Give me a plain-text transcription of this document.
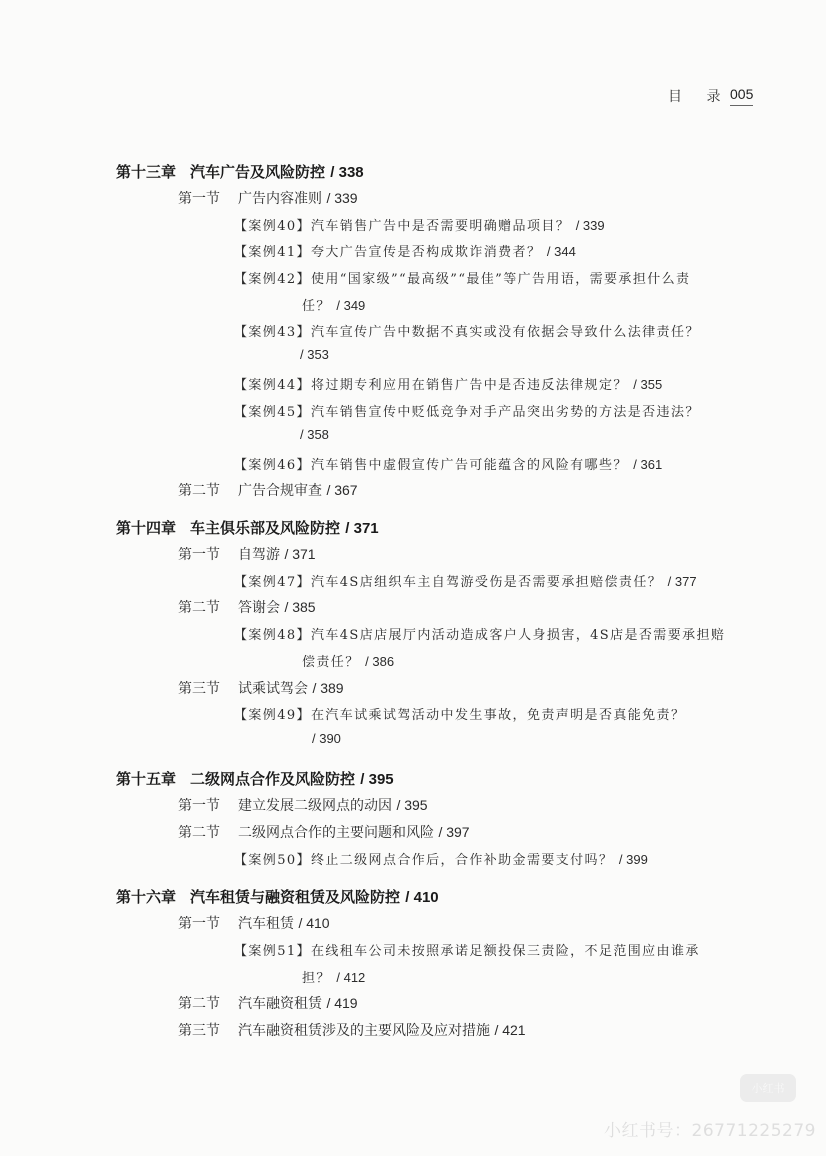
目 录 005
第十三章 汽车广告及风险防控 / 338
第一节 广告内容准则 / 339
【案例40】汽车销售广告中是否需要明确赠品项目？ / 339
【案例41】夸大广告宣传是否构成欺诈消费者？ / 344
【案例42】使用“国家级”“最高级”“最佳”等广告用语，需要承担什么责
任？ / 349
【案例43】汽车宣传广告中数据不真实或没有依据会导致什么法律责任？
/ 353
【案例44】将过期专利应用在销售广告中是否违反法律规定？ / 355
【案例45】汽车销售宣传中贬低竞争对手产品突出劣势的方法是否违法？
/ 358
【案例46】汽车销售中虚假宣传广告可能蕴含的风险有哪些？ / 361
第二节 广告合规审查 / 367
第十四章 车主俱乐部及风险防控 / 371
第一节 自驾游 / 371
【案例47】汽车4S店组织车主自驾游受伤是否需要承担赔偿责任？ / 377
第二节 答谢会 / 385
【案例48】汽车4S店店展厅内活动造成客户人身损害，4S店是否需要承担赔
偿责任？ / 386
第三节 试乘试驾会 / 389
【案例49】在汽车试乘试驾活动中发生事故，免责声明是否真能免责？
/ 390
第十五章 二级网点合作及风险防控 / 395
第一节 建立发展二级网点的动因 / 395
第二节 二级网点合作的主要问题和风险 / 397
【案例50】终止二级网点合作后，合作补助金需要支付吗？ / 399
第十六章 汽车租赁与融资租赁及风险防控 / 410
第一节 汽车租赁 / 410
【案例51】在线租车公司未按照承诺足额投保三责险，不足范围应由谁承
担？ / 412
第二节 汽车融资租赁 / 419
第三节 汽车融资租赁涉及的主要风险及应对措施 / 421
小红书
小红书号：26771225279
